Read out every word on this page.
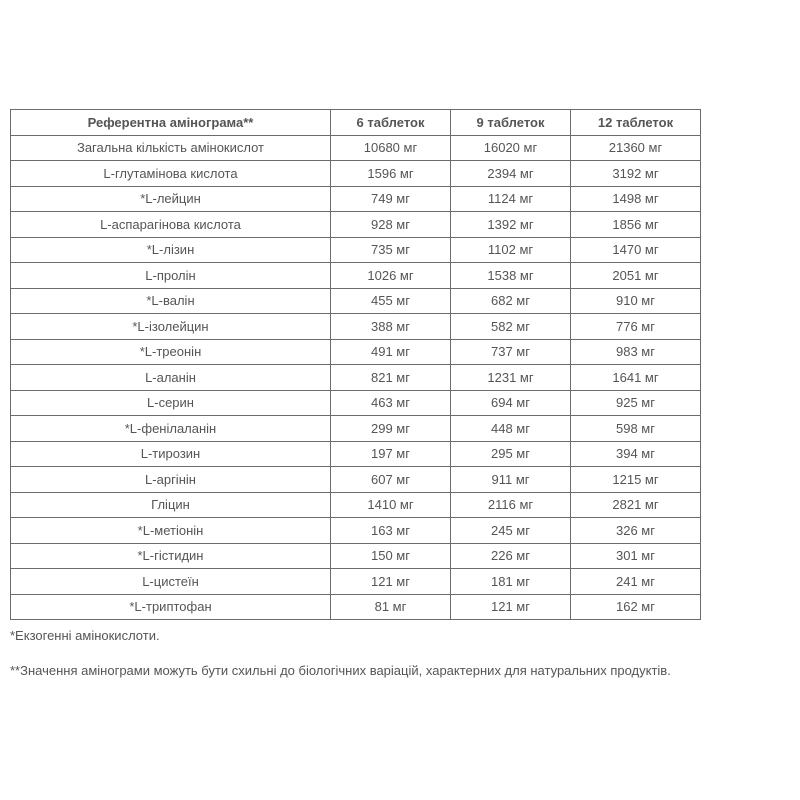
Референтна амінограма**	6 таблеток	9 таблеток	12 таблеток
Загальна кількість амінокислот	10680 мг	16020 мг	21360 мг
L-глутамінова кислота	1596 мг	2394 мг	3192 мг
*L-лейцин	749 мг	1124 мг	1498 мг
L-аспарагінова кислота	928 мг	1392 мг	1856 мг
*L-лізин	735 мг	1102 мг	1470 мг
L-пролін	1026 мг	1538 мг	2051 мг
*L-валін	455 мг	682 мг	910 мг
*L-ізолейцин	388 мг	582 мг	776 мг
*L-треонін	491 мг	737 мг	983 мг
L-аланін	821 мг	1231 мг	1641 мг
L-серин	463 мг	694 мг	925 мг
*L-фенілаланін	299 мг	448 мг	598 мг
L-тирозин	197 мг	295 мг	394 мг
L-аргінін	607 мг	911 мг	1215 мг
Гліцин	1410 мг	2116 мг	2821 мг
*L-метіонін	163 мг	245 мг	326 мг
*L-гістидин	150 мг	226 мг	301 мг
L-цистеїн	121 мг	181 мг	241 мг
*L-триптофан	81 мг	121 мг	162 мг

*Екзогенні амінокислоти.

**Значення амінограми можуть бути схильні до біологічних варіацій, характерних для натуральних продуктів.
